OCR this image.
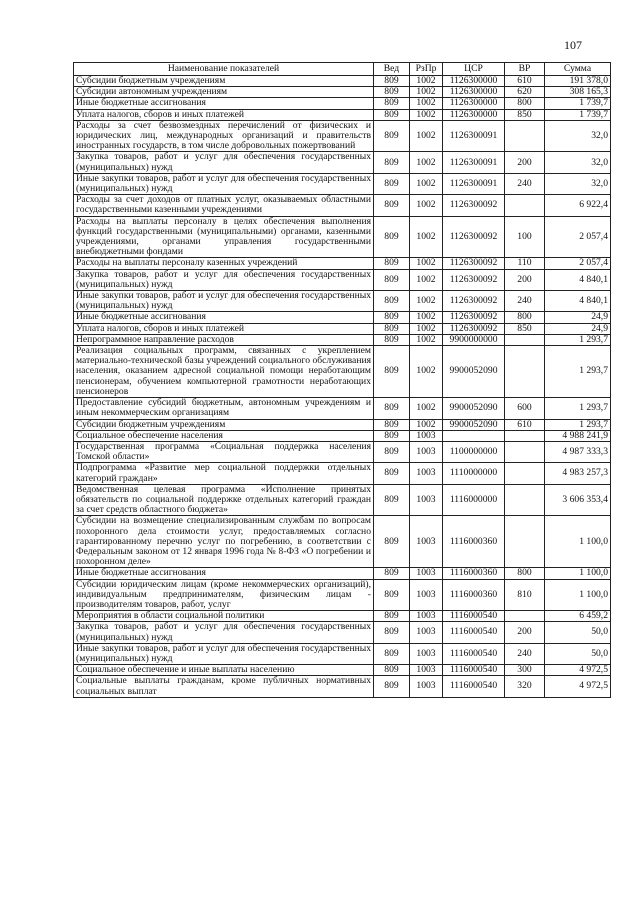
107
Наименование показателей	Вед	РзПр	ЦСР	ВР	Сумма
Субсидии бюджетным учреждениям	809	1002	1126300000	610	191 378,0
Субсидии автономным учреждениям	809	1002	1126300000	620	308 165,3
Иные бюджетные ассигнования	809	1002	1126300000	800	1 739,7
Уплата налогов, сборов и иных платежей	809	1002	1126300000	850	1 739,7
Расходы за счет безвозмездных перечислений от физических и юридических лиц, международных организаций и правительств иностранных государств, в том числе добровольных пожертвований	809	1002	1126300091		32,0
Закупка товаров, работ и услуг для обеспечения государственных (муниципальных) нужд	809	1002	1126300091	200	32,0
Иные закупки товаров, работ и услуг для обеспечения государственных (муниципальных) нужд	809	1002	1126300091	240	32,0
Расходы за счет доходов от платных услуг, оказываемых областными государственными казенными учреждениями	809	1002	1126300092		6 922,4
Расходы на выплаты персоналу в целях обеспечения выполнения функций государственными (муниципальными) органами, казенными учреждениями, органами управления государственными внебюджетными фондами	809	1002	1126300092	100	2 057,4
Расходы на выплаты персоналу казенных учреждений	809	1002	1126300092	110	2 057,4
Закупка товаров, работ и услуг для обеспечения государственных (муниципальных) нужд	809	1002	1126300092	200	4 840,1
Иные закупки товаров, работ и услуг для обеспечения государственных (муниципальных) нужд	809	1002	1126300092	240	4 840,1
Иные бюджетные ассигнования	809	1002	1126300092	800	24,9
Уплата налогов, сборов и иных платежей	809	1002	1126300092	850	24,9
Непрограммное направление расходов	809	1002	9900000000		1 293,7
Реализация социальных программ, связанных с укреплением материально-технической базы учреждений социального обслуживания населения, оказанием адресной социальной помощи неработающим пенсионерам, обучением компьютерной грамотности неработающих пенсионеров	809	1002	9900052090		1 293,7
Предоставление субсидий бюджетным, автономным учреждениям и иным некоммерческим организациям	809	1002	9900052090	600	1 293,7
Субсидии бюджетным учреждениям	809	1002	9900052090	610	1 293,7
Социальное обеспечение населения	809	1003			4 988 241,9
Государственная программа «Социальная поддержка населения Томской области»	809	1003	1100000000		4 987 333,3
Подпрограмма «Развитие мер социальной поддержки отдельных категорий граждан»	809	1003	1110000000		4 983 257,3
Ведомственная целевая программа «Исполнение принятых обязательств по социальной поддержке отдельных категорий граждан за счет средств областного бюджета»	809	1003	1116000000		3 606 353,4
Субсидии на возмещение специализированным службам по вопросам похоронного дела стоимости услуг, предоставляемых согласно гарантированному перечню услуг по погребению, в соответствии с Федеральным законом от 12 января 1996 года № 8-ФЗ «О погребении и похоронном деле»	809	1003	1116000360		1 100,0
Иные бюджетные ассигнования	809	1003	1116000360	800	1 100,0
Субсидии юридическим лицам (кроме некоммерческих организаций), индивидуальным предпринимателям, физическим лицам - производителям товаров, работ, услуг	809	1003	1116000360	810	1 100,0
Мероприятия в области социальной политики	809	1003	1116000540		6 459,2
Закупка товаров, работ и услуг для обеспечения государственных (муниципальных) нужд	809	1003	1116000540	200	50,0
Иные закупки товаров, работ и услуг для обеспечения государственных (муниципальных) нужд	809	1003	1116000540	240	50,0
Социальное обеспечение и иные выплаты населению	809	1003	1116000540	300	4 972,5
Социальные выплаты гражданам, кроме публичных нормативных социальных выплат	809	1003	1116000540	320	4 972,5
